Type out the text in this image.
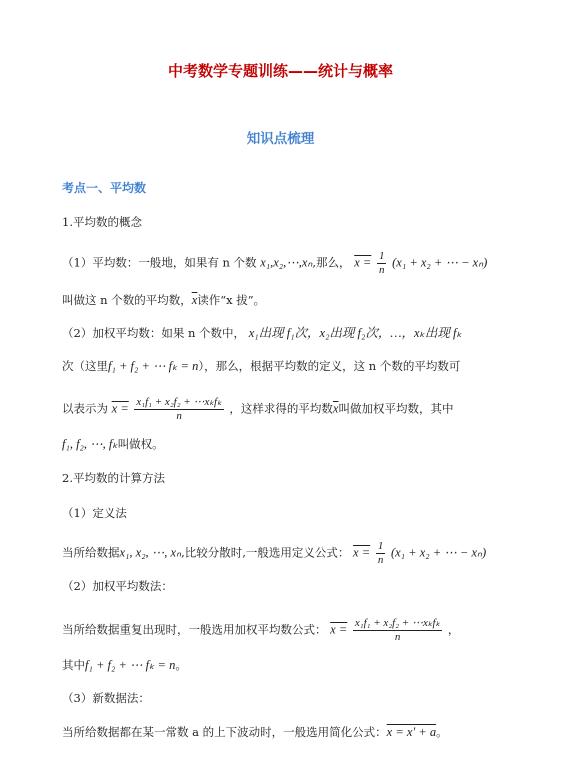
中考数学专题训练——统计与概率
知识点梳理
考点一、平均数
1.平均数的概念
（1）平均数：一般地，如果有 n 个数 x₁,x₂,⋯,xₙ,那么， $x = \frac{1}{n} (x_1 + x_2$ + ⋯ − xₙ)
叫做这 n 个数的平均数，$\overline{x}$读作“x 拔”。
（2）加权平均数：如果 n 个数中， x₁出现 f₁次，x₂出现 f₂次，…，xₖ出现 fₖ
次（这里f₁ + f₂ + ⋯ fₖ = n），那么，根据平均数的定义，这 n 个数的平均数可
以表示为 $x = \frac{\text{x₁f₁ + x₂f₂ + ⋯xₖfₖ}}{n}$ ，这样求得的平均数$\overline{x}$叫做加权平均数，其中
f₁, f₂, ⋯, fₖ叫做权。
2.平均数的计算方法
（1）定义法
当所给数据x₁, x₂, ⋯, xₙ,比较分散时,一般选用定义公式： $x = \frac{1}{n} (x_1 + x_2$ + ⋯ − xₙ)
（2）加权平均数法：
当所给数据重复出现时，一般选用加权平均数公式： $x = \frac{\text{x₁f₁ + x₂f₂ + ⋯xₖfₖ}}{n}$ ，
其中f₁ + f₂ + ⋯ fₖ = n。
（3）新数据法：
当所给数据都在某一常数 a 的上下波动时，一般选用简化公式：x = x′ + a。
